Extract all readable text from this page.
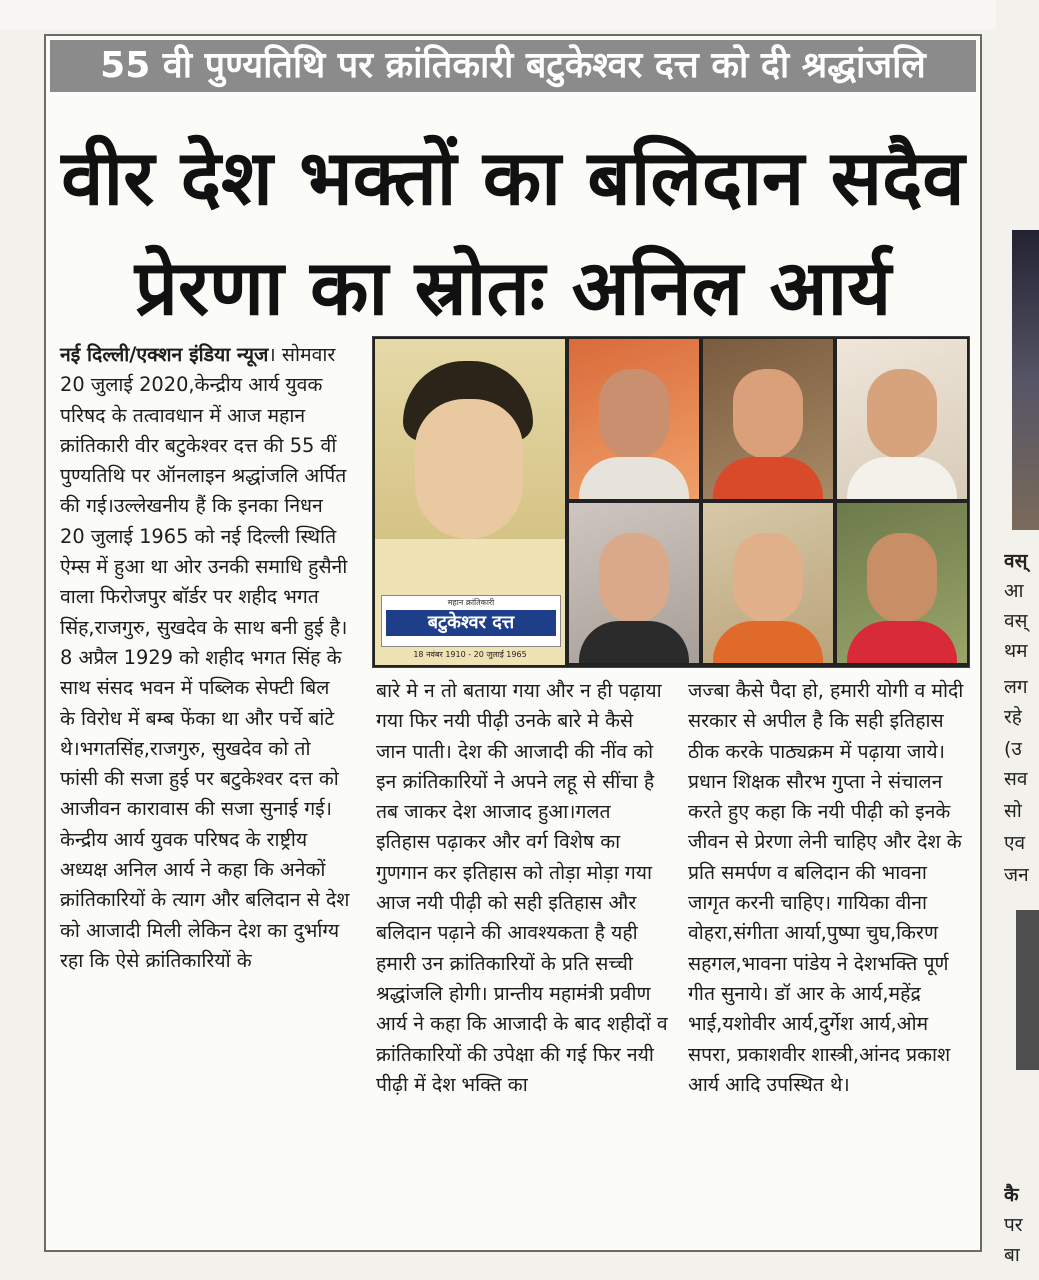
55 वी पुण्यतिथि पर क्रांतिकारी बटुकेश्वर दत्त को दी श्रद्धांजलि
वीर देश भक्तों का बलिदान सदैव
प्रेरणा का स्रोतः अनिल आर्य

नई दिल्ली/एक्शन इंडिया न्यूज। सोमवार 20 जुलाई 2020,केन्द्रीय आर्य युवक परिषद के तत्वावधान में आज महान क्रांतिकारी वीर बटुकेश्वर दत्त की 55 वीं पुण्यतिथि पर ऑनलाइन श्रद्धांजलि अर्पित की गई।उल्लेखनीय हैं कि इनका निधन 20 जुलाई 1965 को नई दिल्ली स्थिति ऐम्स में हुआ था ओर उनकी समाधि हुसैनी वाला फिरोजपुर बॉर्डर पर शहीद भगत सिंह,राजगुरु, सुखदेव के साथ बनी हुई है।

8 अप्रैल 1929 को शहीद भगत सिंह के साथ संसद भवन में पब्लिक सेफ्टी बिल के विरोध में बम्ब फेंका था और पर्चे बांटे थे।भगतसिंह,राजगुरु, सुखदेव को तो फांसी की सजा हुई पर बटुकेश्वर दत्त को आजीवन कारावास की सजा सुनाई गई। केन्द्रीय आर्य युवक परिषद के राष्ट्रीय अध्यक्ष अनिल आर्य ने कहा कि अनेकों क्रांतिकारियों के त्याग और बलिदान से देश को आजादी मिली लेकिन देश का दुर्भाग्य रहा कि ऐसे क्रांतिकारियों के

महान क्रांतिकारी
बटुकेश्वर दत्त
18 नवंबर 1910 - 20 जुलाई 1965

बारे मे न तो बताया गया और न ही पढ़ाया गया फिर नयी पीढ़ी उनके बारे मे कैसे जान पाती। देश की आजादी की नींव को इन क्रांतिकारियों ने अपने लहू से सींचा है तब जाकर देश आजाद हुआ।गलत इतिहास पढ़ाकर और वर्ग विशेष का गुणगान कर इतिहास को तोड़ा मोड़ा गया आज नयी पीढ़ी को सही इतिहास और बलिदान पढ़ाने की आवश्यकता है यही हमारी उन क्रांतिकारियों के प्रति सच्ची श्रद्धांजलि होगी। प्रान्तीय महामंत्री प्रवीण आर्य ने कहा कि आजादी के बाद शहीदों व क्रांतिकारियों की उपेक्षा की गई फिर नयी पीढ़ी में देश भक्ति का

जज्बा कैसे पैदा हो, हमारी योगी व मोदी सरकार से अपील है कि सही इतिहास ठीक करके पाठ्यक्रम में पढ़ाया जाये। प्रधान शिक्षक सौरभ गुप्ता ने संचालन करते हुए कहा कि नयी पीढ़ी को इनके जीवन से प्रेरणा लेनी चाहिए और देश के प्रति समर्पण व बलिदान की भावना जागृत करनी चाहिए। गायिका वीना वोहरा,संगीता आर्या,पुष्पा चुघ,किरण सहगल,भावना पांडेय ने देशभक्ति पूर्ण गीत सुनाये। डॉ आर के आर्य,महेंद्र भाई,यशोवीर आर्य,दुर्गेश आर्य,ओम सपरा, प्रकाशवीर शास्त्री,आंनद प्रकाश आर्य आदि उपस्थित थे।

वस्
आ
वस्
थम
लग
रहे
(उ
सव
सो
एव
जन
कै
पर
बा
